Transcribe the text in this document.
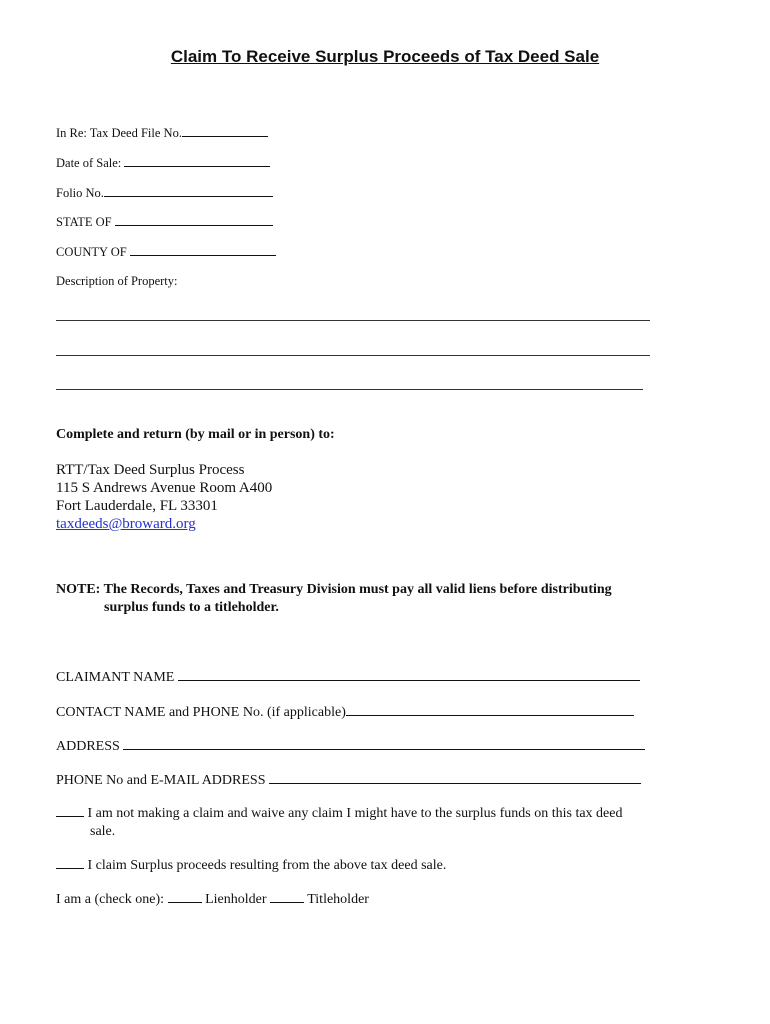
Claim To Receive Surplus Proceeds of Tax Deed Sale
In Re: Tax Deed File No.
Date of Sale:
Folio No.
STATE OF
COUNTY OF
Description of Property:
Complete and return (by mail or in person) to:
RTT/Tax Deed Surplus Process
115 S Andrews Avenue Room A400
Fort Lauderdale, FL 33301
taxdeeds@broward.org
NOTE: The Records, Taxes and Treasury Division must pay all valid liens before distributing
surplus funds to a titleholder.
CLAIMANT NAME
CONTACT NAME and PHONE No. (if applicable)
ADDRESS
PHONE No and E-MAIL ADDRESS
I am not making a claim and waive any claim I might have to the surplus funds on this tax deed
sale.
I claim Surplus proceeds resulting from the above tax deed sale.
I am a (check one):	Lienholder	Titleholder
